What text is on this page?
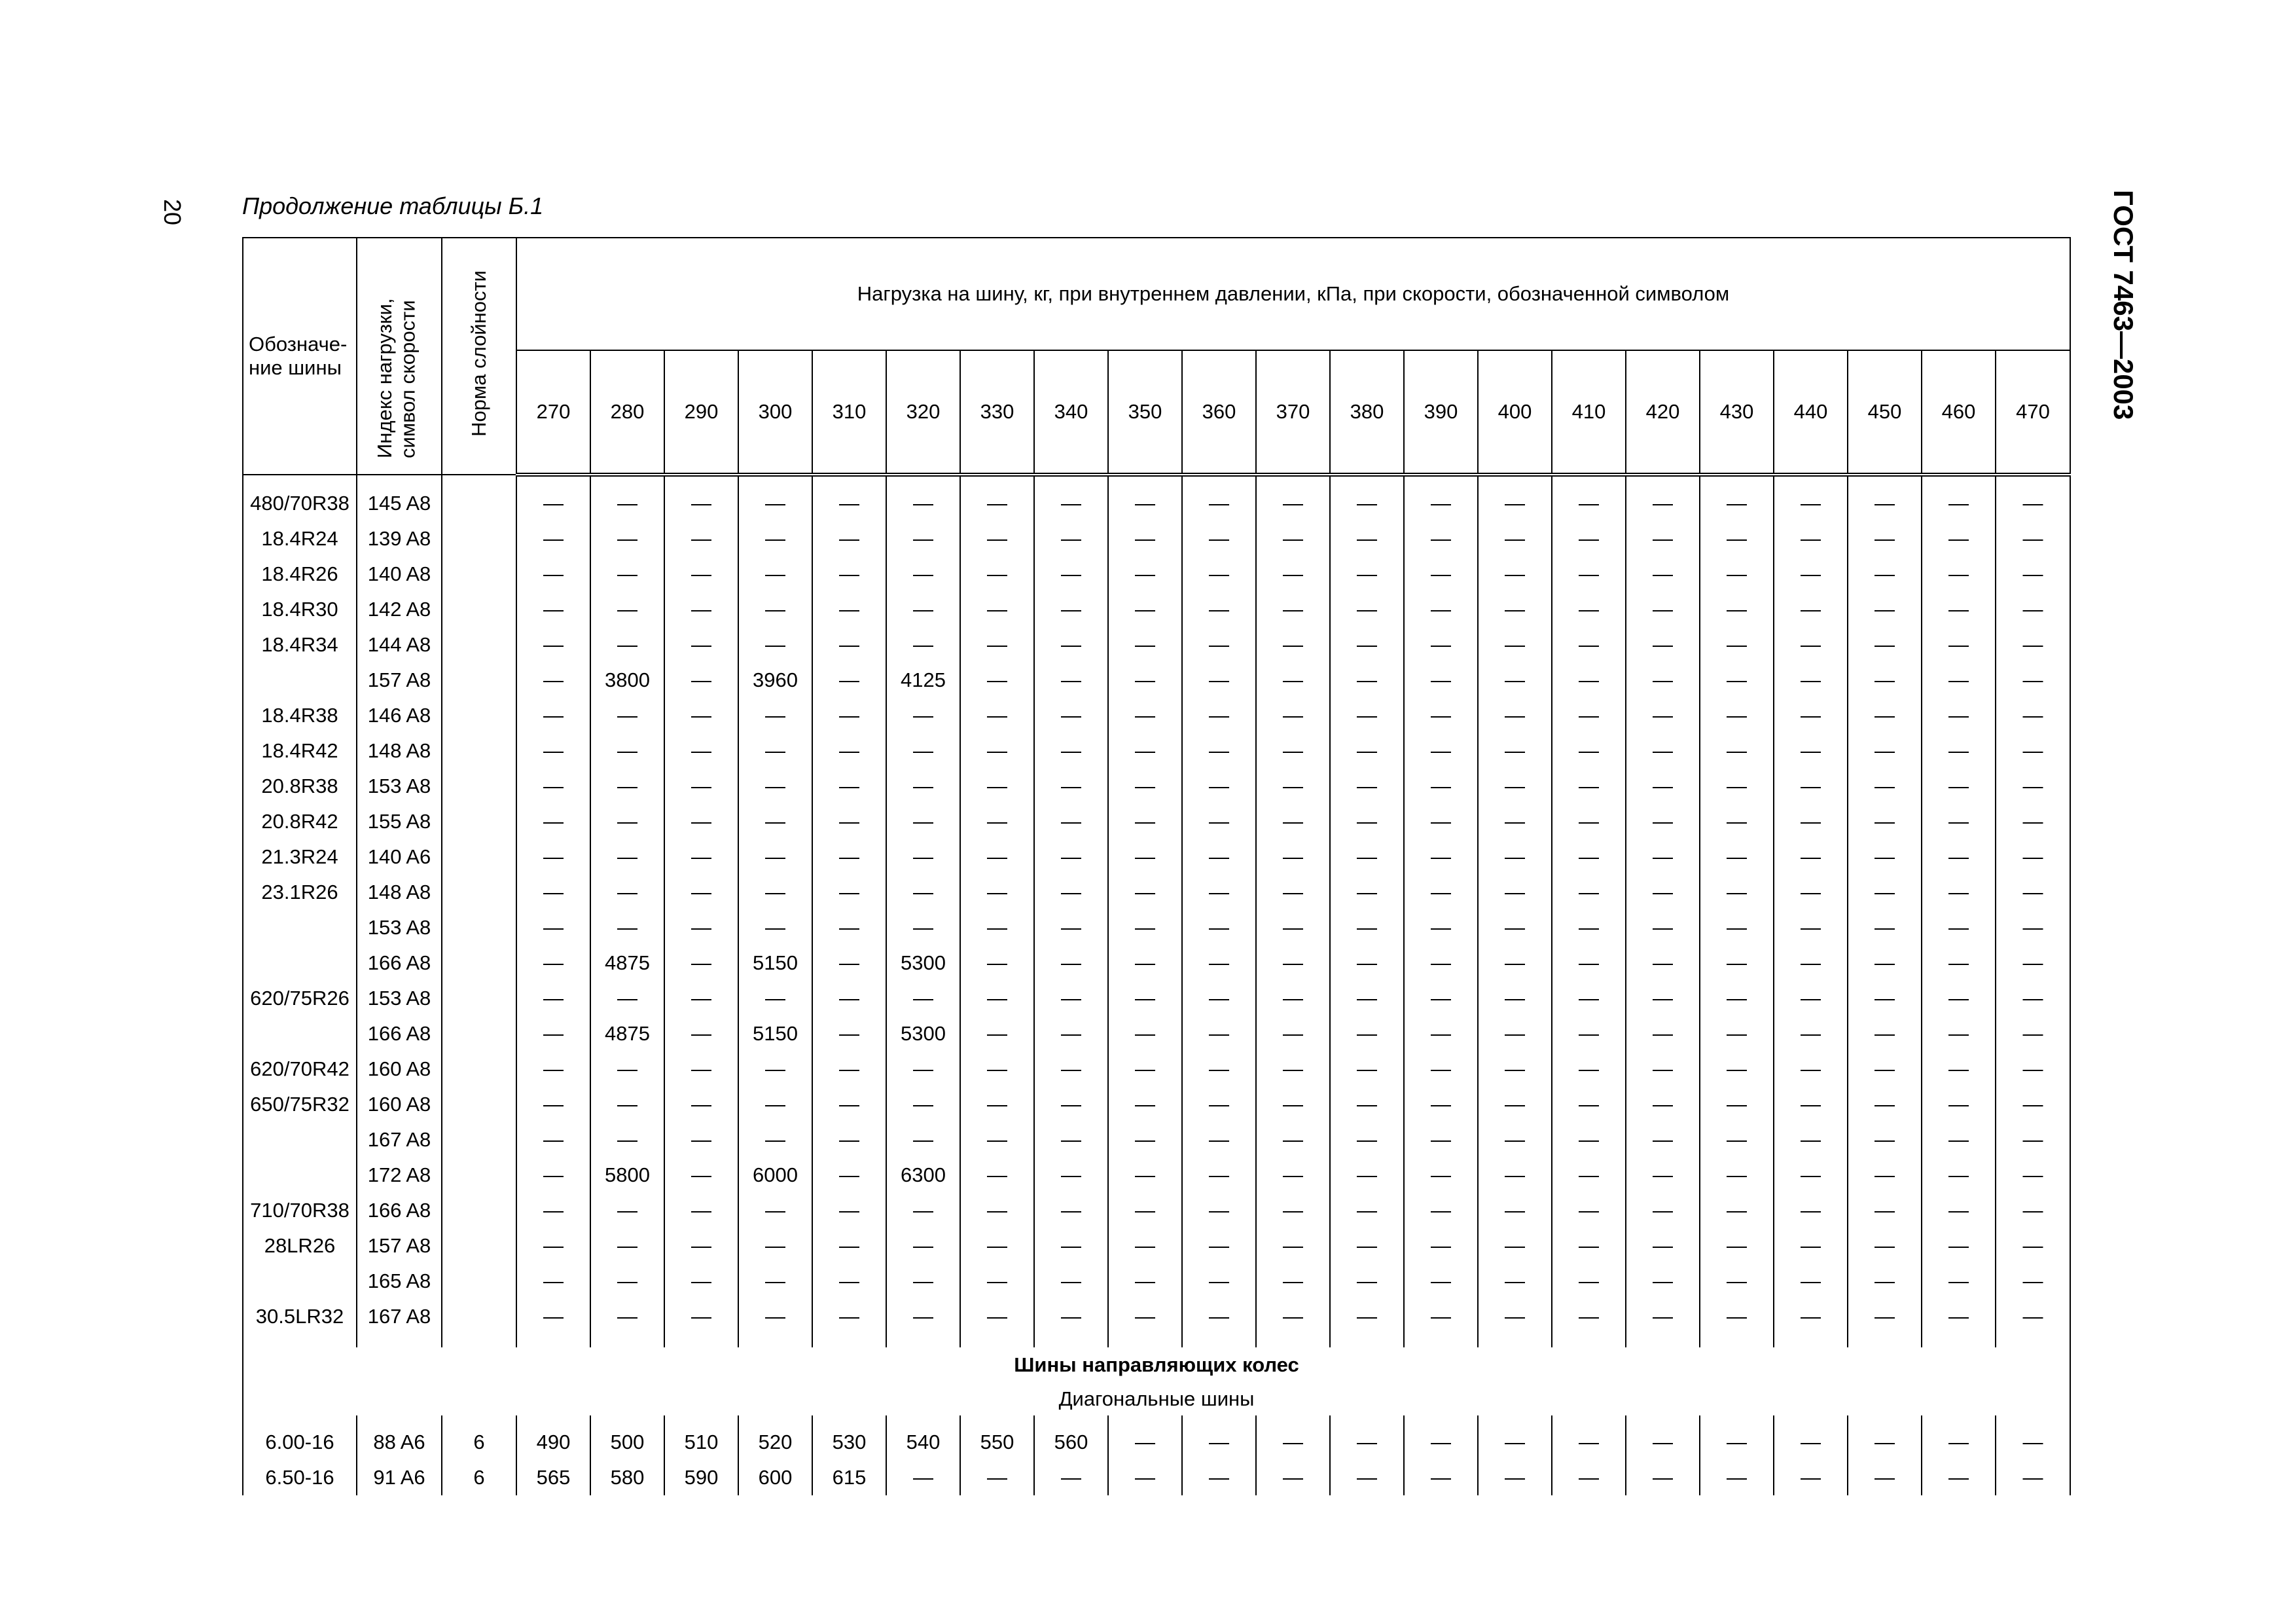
20	ГОСТ 7463—2003
Продолжение таблицы Б.1
Обозначе-ние шины	Индекс нагрузки, символ скорости	Норма слойности	Нагрузка на шину, кг, при внутреннем давлении, кПа, при скорости, обозначенной символом																				
			270	280	290	300	310	320	330	340	350	360	370	380	390	400	410	420	430	440	450	460	470

480/70R38	145 A8		—	—	—	—	—	—	—	—	—	—	—	—	—	—	—	—	—	—	—	—	—
18.4R24	139 A8		—	—	—	—	—	—	—	—	—	—	—	—	—	—	—	—	—	—	—	—	—
18.4R26	140 A8		—	—	—	—	—	—	—	—	—	—	—	—	—	—	—	—	—	—	—	—	—
18.4R30	142 A8		—	—	—	—	—	—	—	—	—	—	—	—	—	—	—	—	—	—	—	—	—
18.4R34	144 A8		—	—	—	—	—	—	—	—	—	—	—	—	—	—	—	—	—	—	—	—	—
	157 A8		—	3800	—	3960	—	4125	—	—	—	—	—	—	—	—	—	—	—	—	—	—	—
18.4R38	146 A8		—	—	—	—	—	—	—	—	—	—	—	—	—	—	—	—	—	—	—	—	—
18.4R42	148 A8		—	—	—	—	—	—	—	—	—	—	—	—	—	—	—	—	—	—	—	—	—
20.8R38	153 A8		—	—	—	—	—	—	—	—	—	—	—	—	—	—	—	—	—	—	—	—	—
20.8R42	155 A8		—	—	—	—	—	—	—	—	—	—	—	—	—	—	—	—	—	—	—	—	—
21.3R24	140 A6		—	—	—	—	—	—	—	—	—	—	—	—	—	—	—	—	—	—	—	—	—
23.1R26	148 A8		—	—	—	—	—	—	—	—	—	—	—	—	—	—	—	—	—	—	—	—	—
	153 A8		—	—	—	—	—	—	—	—	—	—	—	—	—	—	—	—	—	—	—	—	—
	166 A8		—	4875	—	5150	—	5300	—	—	—	—	—	—	—	—	—	—	—	—	—	—	—
620/75R26	153 A8		—	—	—	—	—	—	—	—	—	—	—	—	—	—	—	—	—	—	—	—	—
	166 A8		—	4875	—	5150	—	5300	—	—	—	—	—	—	—	—	—	—	—	—	—	—	—
620/70R42	160 A8		—	—	—	—	—	—	—	—	—	—	—	—	—	—	—	—	—	—	—	—	—
650/75R32	160 A8		—	—	—	—	—	—	—	—	—	—	—	—	—	—	—	—	—	—	—	—	—
	167 A8		—	—	—	—	—	—	—	—	—	—	—	—	—	—	—	—	—	—	—	—	—
	172 A8		—	5800	—	6000	—	6300	—	—	—	—	—	—	—	—	—	—	—	—	—	—	—
710/70R38	166 A8		—	—	—	—	—	—	—	—	—	—	—	—	—	—	—	—	—	—	—	—	—
28LR26	157 A8		—	—	—	—	—	—	—	—	—	—	—	—	—	—	—	—	—	—	—	—	—
	165 A8		—	—	—	—	—	—	—	—	—	—	—	—	—	—	—	—	—	—	—	—	—
30.5LR32	167 A8		—	—	—	—	—	—	—	—	—	—	—	—	—	—	—	—	—	—	—	—	—

Шины направляющих колес																							
Диагональные шины																							

6.00-16	88 A6	6	490	500	510	520	530	540	550	560	—	—	—	—	—	—	—	—	—	—	—	—	—
6.50-16	91 A6	6	565	580	590	600	615	—	—	—	—	—	—	—	—	—	—	—	—	—	—	—	—
